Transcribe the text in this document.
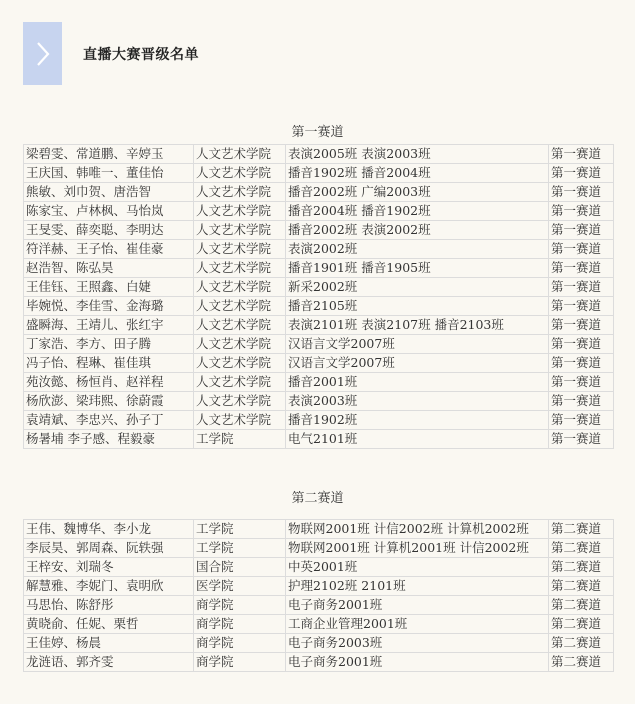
直播大赛晋级名单
第一赛道
梁碧雯、常道鹏、辛婷玉	人文艺术学院	表演2005班 表演2003班	第一赛道
王庆国、韩唯一、董佳怡	人文艺术学院	播音1902班 播音2004班	第一赛道
熊敏、刘巾贺、唐浩智	人文艺术学院	播音2002班 广编2003班	第一赛道
陈家宝、卢林枫、马怡岚	人文艺术学院	播音2004班 播音1902班	第一赛道
王旻雯、薛奕聪、李明达	人文艺术学院	播音2002班 表演2002班	第一赛道
符洋赫、王子怡、崔佳豪	人文艺术学院	表演2002班	第一赛道
赵浩智、陈弘昊	人文艺术学院	播音1901班 播音1905班	第一赛道
王佳钰、王照鑫、白婕	人文艺术学院	新采2002班	第一赛道
毕婉悦、李佳雪、金海璐	人文艺术学院	播音2105班	第一赛道
盛瞬海、王靖儿、张红宇	人文艺术学院	表演2101班 表演2107班 播音2103班	第一赛道
丁家浩、李方、田子腾	人文艺术学院	汉语言文学2007班	第一赛道
冯子怡、程琳、崔佳琪	人文艺术学院	汉语言文学2007班	第一赛道
苑汝懿、杨恒肖、赵祥程	人文艺术学院	播音2001班	第一赛道
杨欣澎、梁玮熙、徐蔚霞	人文艺术学院	表演2003班	第一赛道
袁靖斌、李忠兴、孙子丁	人文艺术学院	播音1902班	第一赛道
杨暑埔 李子感、程毅豪	工学院	电气2101班	第一赛道
第二赛道
王伟、魏博华、李小龙	工学院	物联网2001班 计信2002班 计算机2002班	第二赛道
李辰昊、郭周森、阮轶强	工学院	物联网2001班 计算机2001班 计信2002班	第二赛道
王梓安、刘瑞冬	国合院	中英2001班	第二赛道
解慧雅、李妮门、袁明欣	医学院	护理2102班 2101班	第二赛道
马思怡、陈舒彤	商学院	电子商务2001班	第二赛道
黄晓俞、任妮、栗哲	商学院	工商企业管理2001班	第二赛道
王佳婷、杨晨	商学院	电子商务2003班	第二赛道
龙涟语、郭齐雯	商学院	电子商务2001班	第二赛道
